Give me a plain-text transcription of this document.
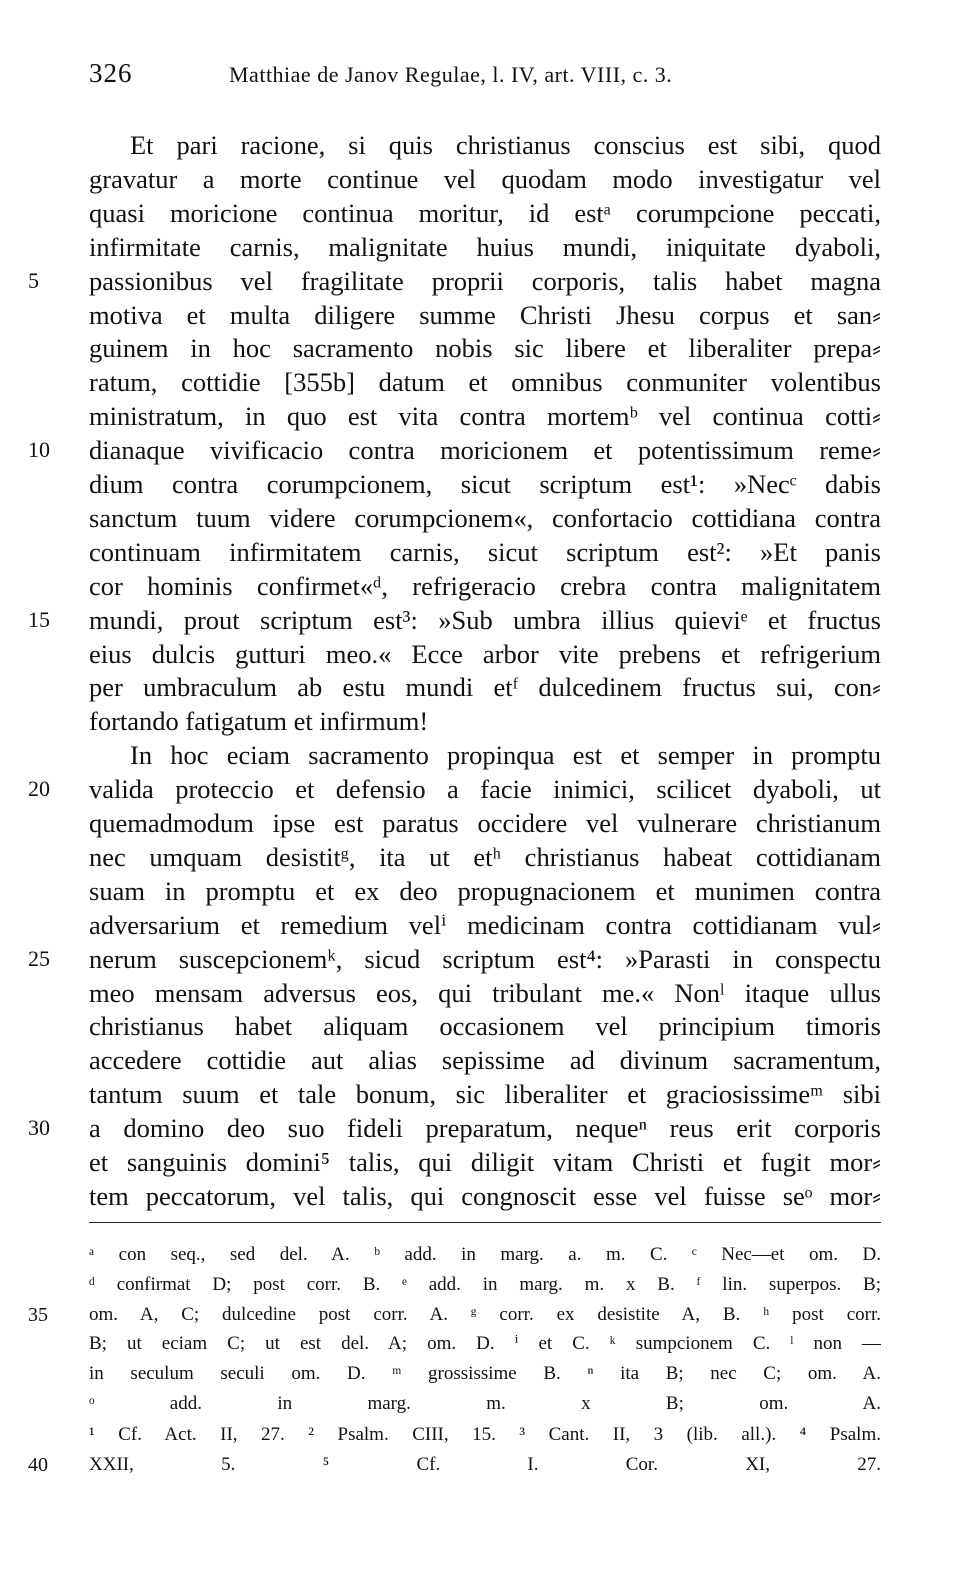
326	Matthiae de Janov Regulae, l. IV, art. VIII, c. 3.
Et pari racione, si quis christianus conscius est sibi, quod
gravatur a morte continue vel quodam modo investigatur vel
quasi moricione continua moritur, id estᵃ corumpcione peccati,
infirmitate carnis, malignitate huius mundi, iniquitate dyaboli,
passionibus vel fragilitate proprii corporis, talis habet magna
5
motiva et multa diligere summe Christi Jhesu corpus et san⸗
guinem in hoc sacramento nobis sic libere et liberaliter prepa⸗
ratum, cottidie [355b] datum et omnibus conmuniter volentibus
ministratum, in quo est vita contra mortemᵇ vel continua cotti⸗
dianaque vivificacio contra moricionem et potentissimum reme⸗
10
dium contra corumpcionem, sicut scriptum est¹: »Necᶜ dabis
sanctum tuum videre corumpcionem«, confortacio cottidiana contra
continuam infirmitatem carnis, sicut scriptum est²: »Et panis
cor hominis confirmet«ᵈ, refrigeracio crebra contra malignitatem
mundi, prout scriptum est³: »Sub umbra illius quieviᵉ et fructus
15
eius dulcis gutturi meo.« Ecce arbor vite prebens et refrigerium
per umbraculum ab estu mundi etᶠ dulcedinem fructus sui, con⸗
fortando fatigatum et infirmum!
In hoc eciam sacramento propinqua est et semper in promptu
valida proteccio et defensio a facie inimici, scilicet dyaboli, ut
20
quemadmodum ipse est paratus occidere vel vulnerare christianum
nec umquam desistitᵍ, ita ut etʰ christianus habeat cottidianam
suam in promptu et ex deo propugnacionem et munimen contra
adversarium et remedium velⁱ medicinam contra cottidianam vul⸗
nerum suscepcionemᵏ, sicud scriptum est⁴: »Parasti in conspectu
25
meo mensam adversus eos, qui tribulant me.« Nonˡ itaque ullus
christianus habet aliquam occasionem vel principium timoris
accedere cottidie aut alias sepissime ad divinum sacramentum,
tantum suum et tale bonum, sic liberaliter et graciosissimeᵐ sibi
a domino deo suo fideli preparatum, nequeⁿ reus erit corporis
30
et sanguinis domini⁵ talis, qui diligit vitam Christi et fugit mor⸗
tem peccatorum, vel talis, qui congnoscit esse vel fuisse seᵒ mor⸗
ᵃ con seq., sed del. A. ᵇ add. in marg. a. m. C. ᶜ Nec—et om. D.
ᵈ confirmat D; post corr. B. ᵉ add. in marg. m. x B. ᶠ lin. superpos. B;
om. A, C; dulcedine post corr. A. ᵍ corr. ex desistite A, B. ʰ post corr.
35
B; ut eciam C; ut est del. A; om. D. ⁱ et C. ᵏ sumpcionem C. ˡ non —
in seculum seculi om. D. ᵐ grossissime B. ⁿ ita B; nec C; om. A.
ᵒ add. in marg. m. x B; om. A.
¹ Cf. Act. II, 27. ² Psalm. CIII, 15. ³ Cant. II, 3 (lib. all.). ⁴ Psalm.
XXII, 5. ⁵ Cf. I. Cor. XI, 27.
40
